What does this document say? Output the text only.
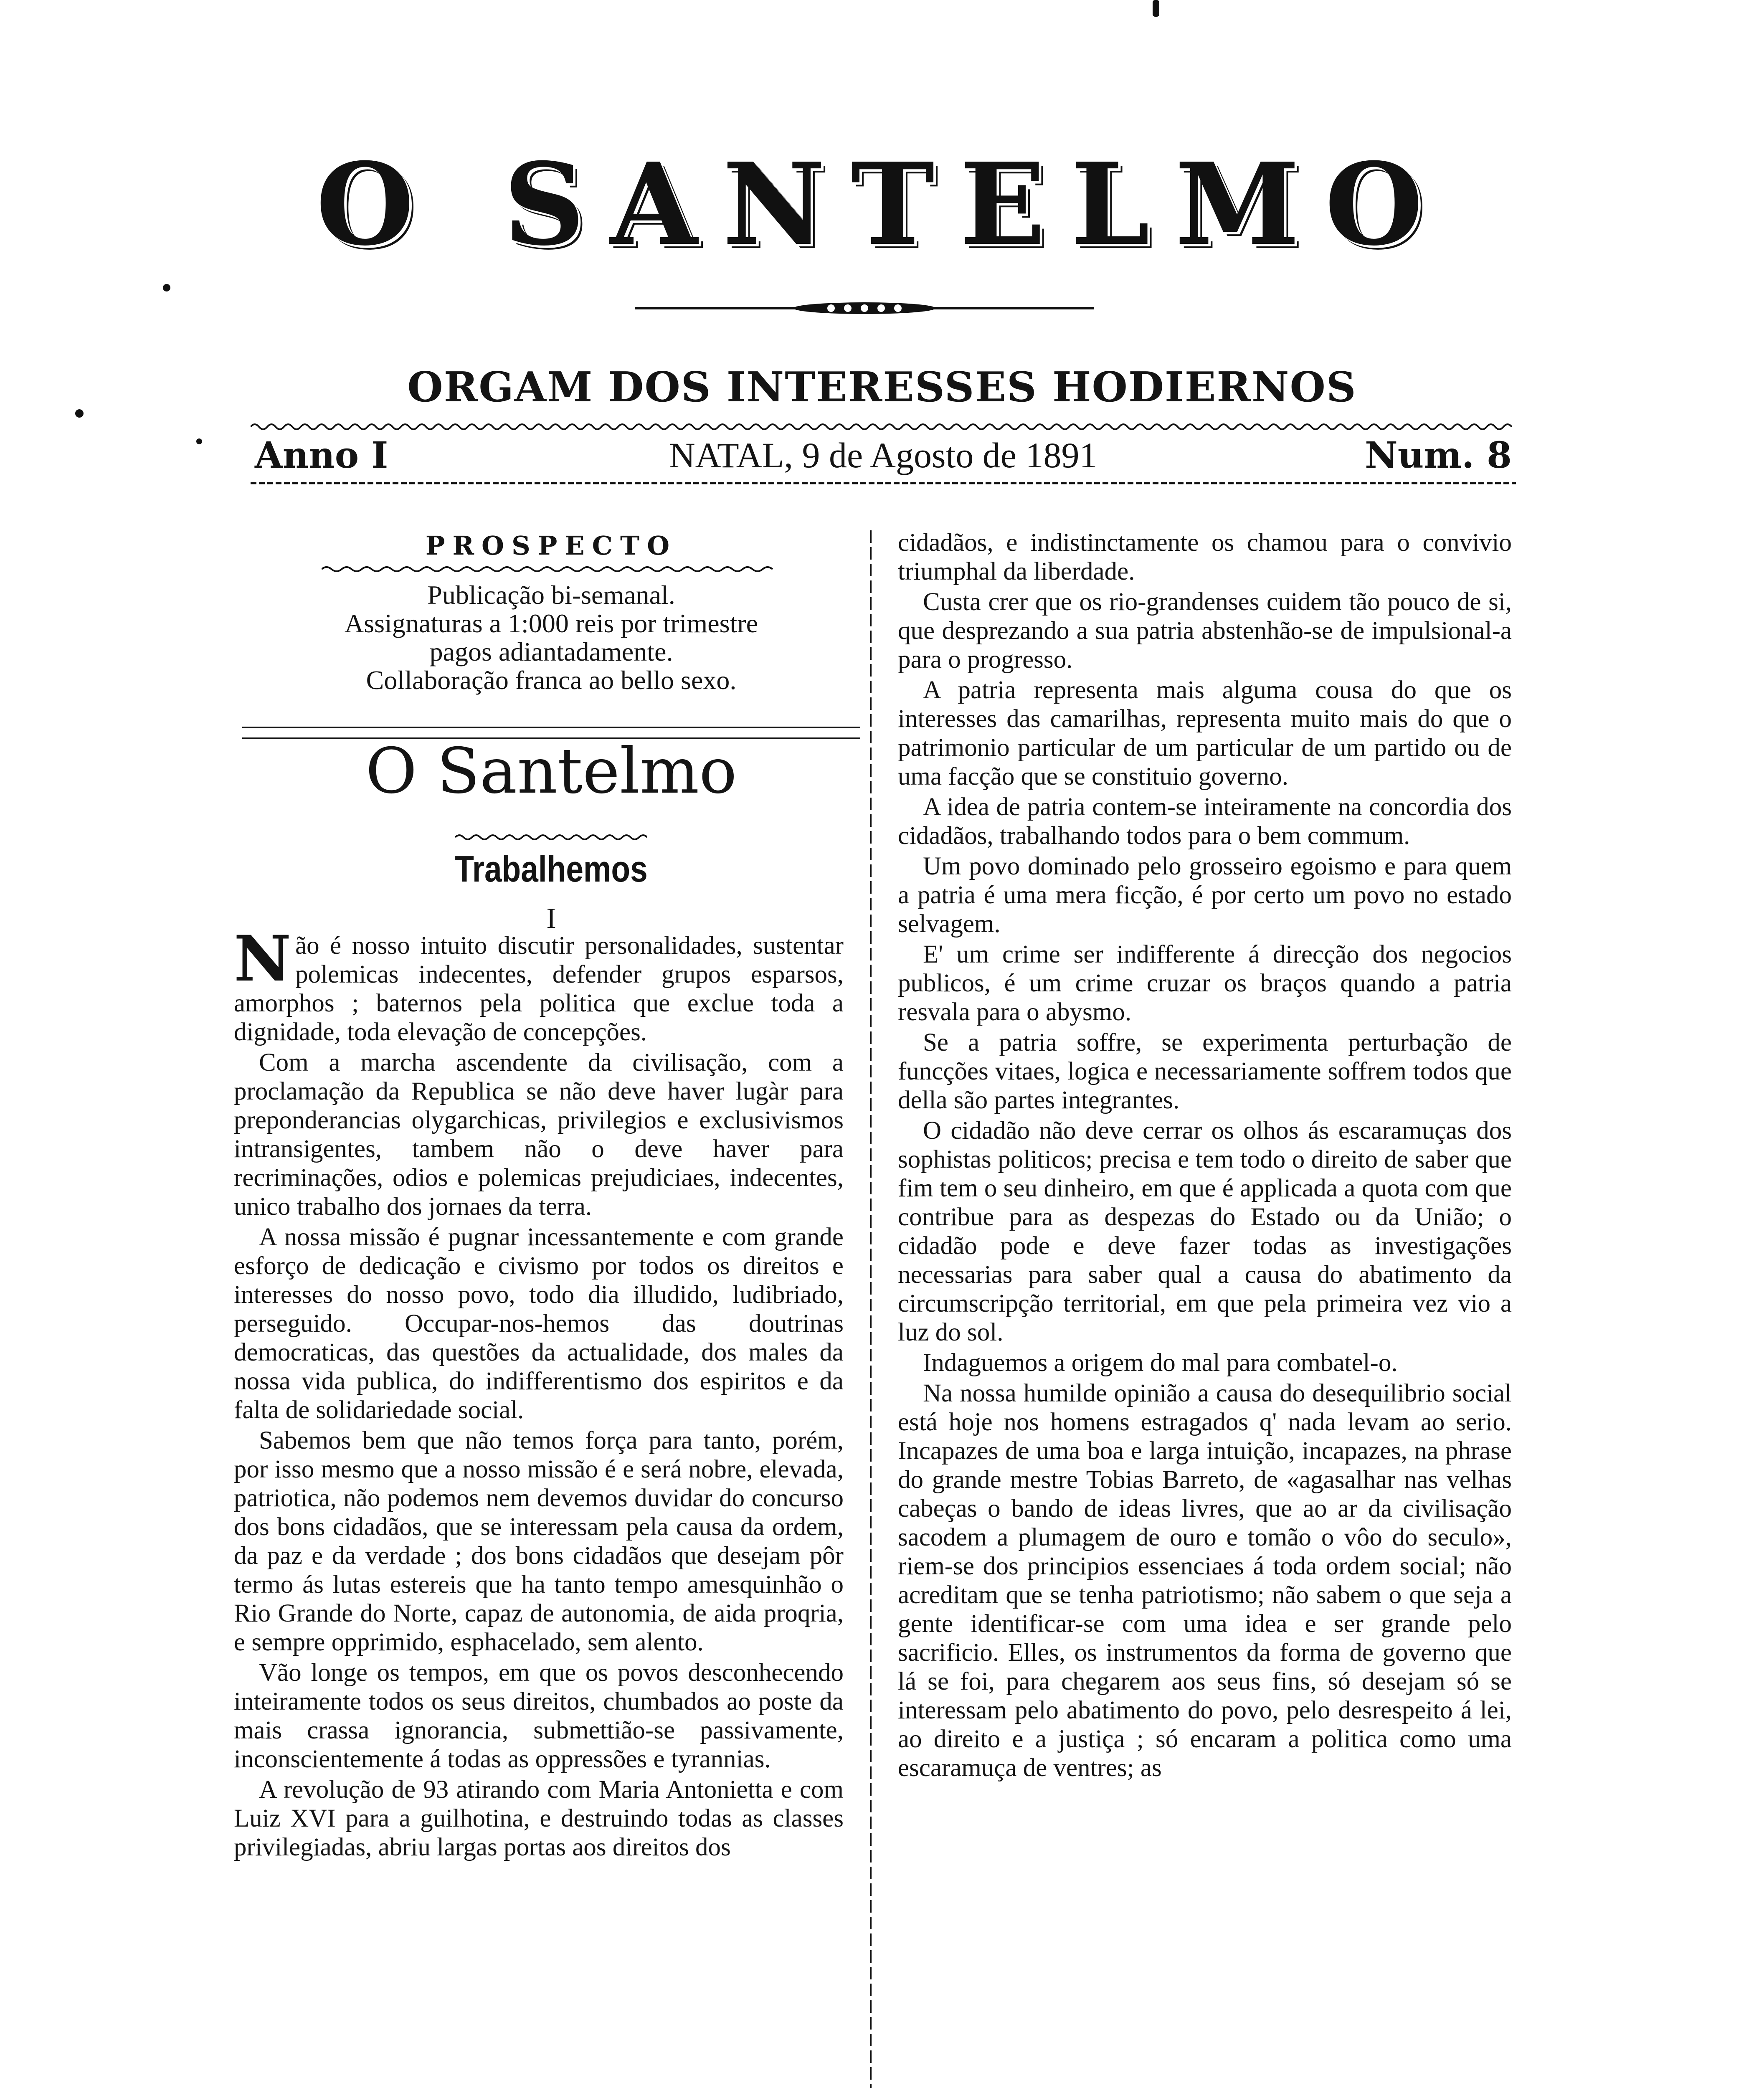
O SANTELMO
ORGAM DOS INTERESSES HODIERNOS
Anno I	NATAL, 9 de Agosto de 1891	Num. 8
PROSPECTO
Publicação bi-semanal.
Assignaturas a 1:000 reis por trimestre
pagos adiantadamente.
Collaboração franca ao bello sexo.
O Santelmo
Trabalhemos
I

Não é nosso intuito discutir personalidades, sustentar polemicas indecentes, defender grupos esparsos, amorphos ; baternos pela politica que exclue toda a dignidade, toda elevação de concepções.

Com a marcha ascendente da civilisação, com a proclamação da Republica se não deve haver lugàr para preponderancias olygarchicas, privilegios e exclusivismos intransigentes, tambem não o deve haver para recriminações, odios e polemicas prejudiciaes, indecentes, unico trabalho dos jornaes da terra.

A nossa missão é pugnar incessantemente e com grande esforço de dedicação e civismo por todos os direitos e interesses do nosso povo, todo dia illudido, ludibriado, perseguido. Occupar-nos-hemos das doutrinas democraticas, das questões da actualidade, dos males da nossa vida publica, do indifferentismo dos espiritos e da falta de solidariedade social.

Sabemos bem que não temos força para tanto, porém, por isso mesmo que a nosso missão é e será nobre, elevada, patriotica, não podemos nem devemos duvidar do concurso dos bons cidadãos, que se interessam pela causa da ordem, da paz e da verdade ; dos bons cidadãos que desejam pôr termo ás lutas estereis que ha tanto tempo amesquinhão o Rio Grande do Norte, capaz de autonomia, de aida proqria, e sempre opprimido, esphacelado, sem alento.

Vão longe os tempos, em que os povos desconhecendo inteiramente todos os seus direitos, chumbados ao poste da mais crassa ignorancia, submettião-se passivamente, inconscientemente á todas as oppressões e tyrannias.

A revolução de 93 atirando com Maria Antonietta e com Luiz XVI para a guilhotina, e destruindo todas as classes privilegiadas, abriu largas portas aos direitos dos

cidadãos, e indistinctamente os chamou para o convivio triumphal da liberdade.

Custa crer que os rio-grandenses cuidem tão pouco de si, que desprezando a sua patria abstenhão-se de impulsional-a para o progresso.

A patria representa mais alguma cousa do que os interesses das camarilhas, representa muito mais do que o patrimonio particular de um particular de um partido ou de uma facção que se constituio governo.

A idea de patria contem-se inteiramente na concordia dos cidadãos, trabalhando todos para o bem commum.

Um povo dominado pelo grosseiro egoismo e para quem a patria é uma mera ficção, é por certo um povo no estado selvagem.

E' um crime ser indifferente á direcção dos negocios publicos, é um crime cruzar os braços quando a patria resvala para o abysmo.

Se a patria soffre, se experimenta perturbação de funcções vitaes, logica e necessariamente soffrem todos que della são partes integrantes.

O cidadão não deve cerrar os olhos ás escaramuças dos sophistas politicos; precisa e tem todo o direito de saber que fim tem o seu dinheiro, em que é applicada a quota com que contribue para as despezas do Estado ou da União; o cidadão pode e deve fazer todas as investigações necessarias para saber qual a causa do abatimento da circumscripção territorial, em que pela primeira vez vio a luz do sol.

Indaguemos a origem do mal para combatel-o.

Na nossa humilde opinião a causa do desequilibrio social está hoje nos homens estragados q' nada levam ao serio. Incapazes de uma boa e larga intuição, incapazes, na phrase do grande mestre Tobias Barreto, de «agasalhar nas velhas cabeças o bando de ideas livres, que ao ar da civilisação sacodem a plumagem de ouro e tomão o vôo do seculo», riem-se dos principios essenciaes á toda ordem social; não acreditam que se tenha patriotismo; não sabem o que seja a gente identificar-se com uma idea e ser grande pelo sacrificio. Elles, os instrumentos da forma de governo que lá se foi, para chegarem aos seus fins, só desejam só se interessam pelo abatimento do povo, pelo desrespeito á lei, ao direito e a justiça ; só encaram a politica como uma escaramuça de ventres; as
